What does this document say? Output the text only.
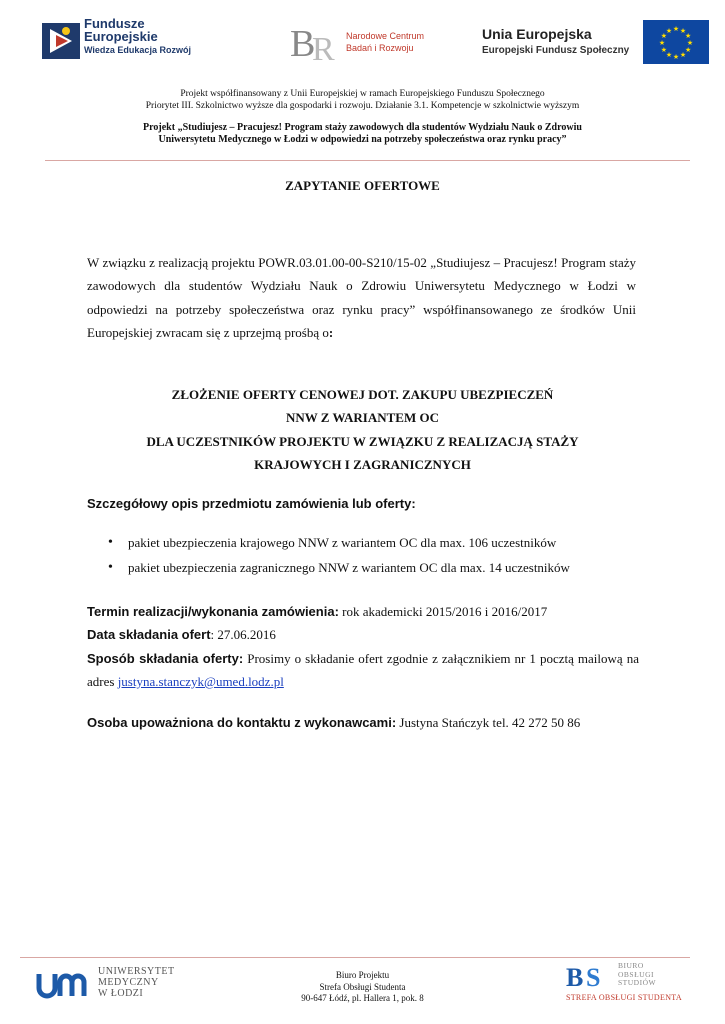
Fundusze
Europejskie
Wiedza Edukacja Rozwój	B
R Narodowe Centrum
Badań i Rozwoju
Unia Europejska
Europejski Fundusz Społeczny
★
★
★
★
★
★
★
★
★ ★ ★
★
Projekt współfinansowany z Unii Europejskiej w ramach Europejskiego Funduszu Społecznego
Priorytet III. Szkolnictwo wyższe dla gospodarki i rozwoju. Działanie 3.1. Kompetencje w szkolnictwie wyższym
Projekt „Studiujesz – Pracujesz! Program staży zawodowych dla studentów Wydziału Nauk o Zdrowiu
Uniwersytetu Medycznego w Łodzi w odpowiedzi na potrzeby społeczeństwa oraz rynku pracy”
ZAPYTANIE OFERTOWE
W związku z realizacją projektu POWR.03.01.00-00-S210/15-02 „Studiujesz – Pracujesz! Program staży zawodowych dla studentów Wydziału Nauk o Zdrowiu Uniwersytetu Medycznego w Łodzi w odpowiedzi na potrzeby społeczeństwa oraz rynku pracy” współfinansowanego ze środków Unii Europejskiej zwracam się z uprzejmą prośbą o:
ZŁOŻENIE OFERTY CENOWEJ DOT. ZAKUPU UBEZPIECZEŃ
NNW Z WARIANTEM OC
DLA UCZESTNIKÓW PROJEKTU W ZWIĄZKU Z REALIZACJĄ STAŻY
KRAJOWYCH I ZAGRANICZNYCH
Szczegółowy opis przedmiotu zamówienia lub oferty:
• pakiet ubezpieczenia krajowego NNW z wariantem OC dla max. 106 uczestników
• pakiet ubezpieczenia zagranicznego NNW z wariantem OC dla max. 14 uczestników
Termin realizacji/wykonania zamówienia: rok akademicki 2015/2016 i 2016/2017
Data składania ofert: 27.06.2016
Sposób składania oferty: Prosimy o składanie ofert zgodnie z załącznikiem nr 1 pocztą mailową na adres justyna.stanczyk@umed.lodz.pl
Osoba upoważniona do kontaktu z wykonawcami: Justyna Stańczyk tel. 42 272 50 86
UNIWERSYTET
MEDYCZNY
W ŁODZI
Biuro Projektu
Strefa Obsługi Studenta
90-647 Łódź, pl. Hallera 1, pok. 8
B S BIURO
OBSŁUGI
STUDIÓW
STREFA OBSŁUGI STUDENTA
